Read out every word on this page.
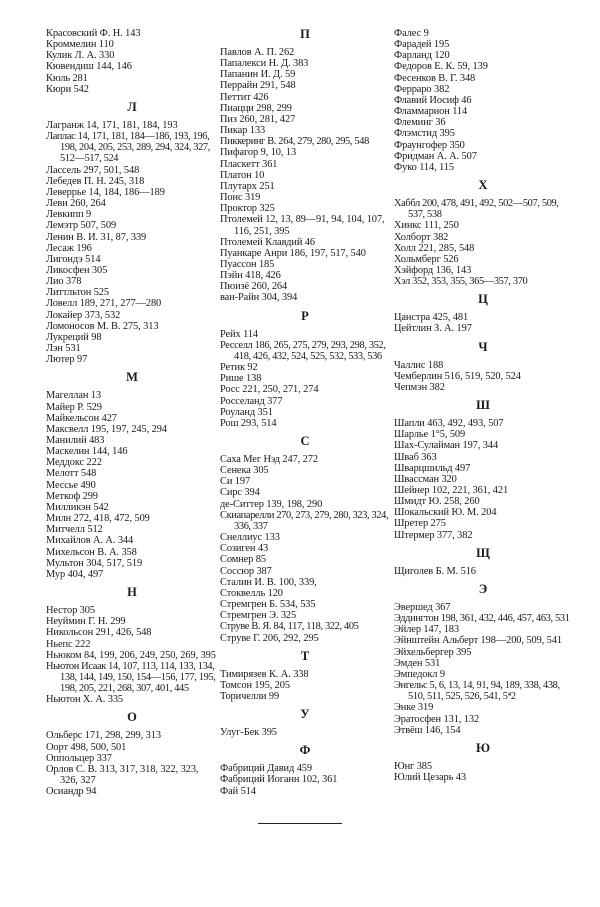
Красовский Ф. Н. 143
Кроммелин 110
Кулик Л. А. 330
Кювендиш 144, 146
Кюль 281
Кюри 542
Л
Лагранж 14, 171, 181, 184, 193
Лаплас 14, 171, 181, 184—186, 193, 196, 198, 204, 205, 253, 289, 294, 324, 327, 512—517, 524
Лассель 297, 501, 548
Лебедев П. Н. 245, 318
Леверрье 14, 184, 186—189
Леви 260, 264
Левкипп 9
Лемэтр 507, 509
Ленин В. И. 31, 87, 339
Лесаж 196
Лигондэ 514
Ликосфен 305
Лио 378
Литтльтон 525
Ловелл 189, 271, 277—280
Локайер 373, 532
Ломоносов М. В. 275, 313
Лукреций 98
Лэн 531
Лютер 97
М
Магеллан 13
Майер Р. 529
Майкельсон 427
Максвелл 195, 197, 245, 294
Манилий 483
Маскелин 144, 146
Меддокс 222
Мелотт 548
Мессье 490
Меткоф 299
Милликэн 542
Милн 272, 418, 472, 509
Митчелл 512
Михайлов А. А. 344
Михельсон В. А. 358
Мультон 304, 517, 519
Мур 404, 497
Н
Нестор 305
Неуймин Г. Н. 299
Никольсон 291, 426, 548
Ньепс 222
Ньюком 84, 199, 206, 249, 250, 269, 395
Ньютон Исаак 14, 107, 113, 114, 133, 134, 138, 144, 149, 150, 154—156, 177, 195, 198, 205, 221, 268, 307, 401, 445
Ньютон Х. А. 335
О
Ольберс 171, 298, 299, 313
Оорт 498, 500, 501
Оппольцер 337
Орлов С. В. 313, 317, 318, 322, 323, 326, 327
Осиандр 94
П
Павлов А. П. 262
Папалекси Н. Д. 383
Папанин И. Д. 59
Перрайн 291, 548
Петтит 426
Пиацци 298, 299
Пиз 260, 281, 427
Пикар 133
Пиккеринг В. 264, 279, 280, 295, 548
Пифагор 9, 10, 13
Пласкетт 361
Платон 10
Плутарх 251
Понс 319
Проктор 325
Птолемей 12, 13, 89—91, 94, 104, 107, 116, 251, 395
Птолемей Клавдий 46
Пуанкаре Анри 186, 197, 517, 540
Пуассон 185
Пэйн 418, 426
Пюизё 260, 264
ван-Райн 304, 394
Р
Рейх 114
Ресселл 186, 265, 275, 279, 293, 298, 352, 418, 426, 432, 524, 525, 532, 533, 536
Ретик 92
Рише 138
Росс 221, 250, 271, 274
Росселанд 377
Роуланд 351
Рош 293, 514
С
Саха Мег Нэд 247, 272
Сенека 305
Си 197
Сирс 394
де-Ситтер 139, 198, 290
Скиапарелли 270, 273, 279, 280, 323, 324, 336, 337
Снеллиус 133
Созиген 43
Сомнер 85
Соссюр 387
Сталин И. В. 100, 339,
Стоквелль 120
Стремгрен Б. 534, 535
Стремгрен Э. 325
Струве В. Я. 84, 117, 118, 322, 405
Струве Г. 206, 292, 295
Т
Тимирязев К. А. 338
Томсон 195, 205
Торичелли 99
У
Улуг-Бек 395
Ф
Фабриций Давид 459
Фабриций Иоганн 102, 361
Фай 514
Фалес 9
Фарадей 195
Фарланд 120
Федоров Е. К. 59, 139
Фесенков В. Г. 348
Ферраро 382
Флавий Иосиф 46
Фламмарион 114
Флеминг 36
Флэмстид 395
Фраунгофер 350
Фридман А. А. 507
Фуко 114, 115
Х
Хаббл 200, 478, 491, 492, 502—507, 509, 537, 538
Хинкс 111, 250
Холборт 382
Холл 221, 285, 548
Хольмберг 526
Хэйфорд 136, 143
Хэл 352, 353, 355, 365—357, 370
Ц
Цанстра 425, 481
Цейтлин З. А. 197
Ч
Чаллис 188
Чемберлин 516, 519, 520, 524
Чепмэн 382
Ш
Шапли 463, 492, 493, 507
Шарлье 1°5, 509
Шах-Сулайман 197, 344
Шваб 363
Шварцшильд 497
Швассман 320
Шейнер 102, 221, 361, 421
Шмидт Ю. 258, 260
Шокальский Ю. М. 204
Шретер 275
Штермер 377, 382
Щ
Щиголев Б. М. 516
Э
Эвершед 367
Эддингтон 198, 361, 432, 446, 457, 463, 531
Эйлер 147, 183
Эйнштейн Альберт 198—200, 509, 541
Эйхельбергер 395
Эмден 531
Эмпедокл 9
Энгельс 5, 6, 13, 14, 91, 94, 189, 338, 438, 510, 511, 525, 526, 541, 5⁴2
Энке 319
Эратосфен 131, 132
Этвёш 146, 154
Ю
Юнг 385
Юлий Цезарь 43
